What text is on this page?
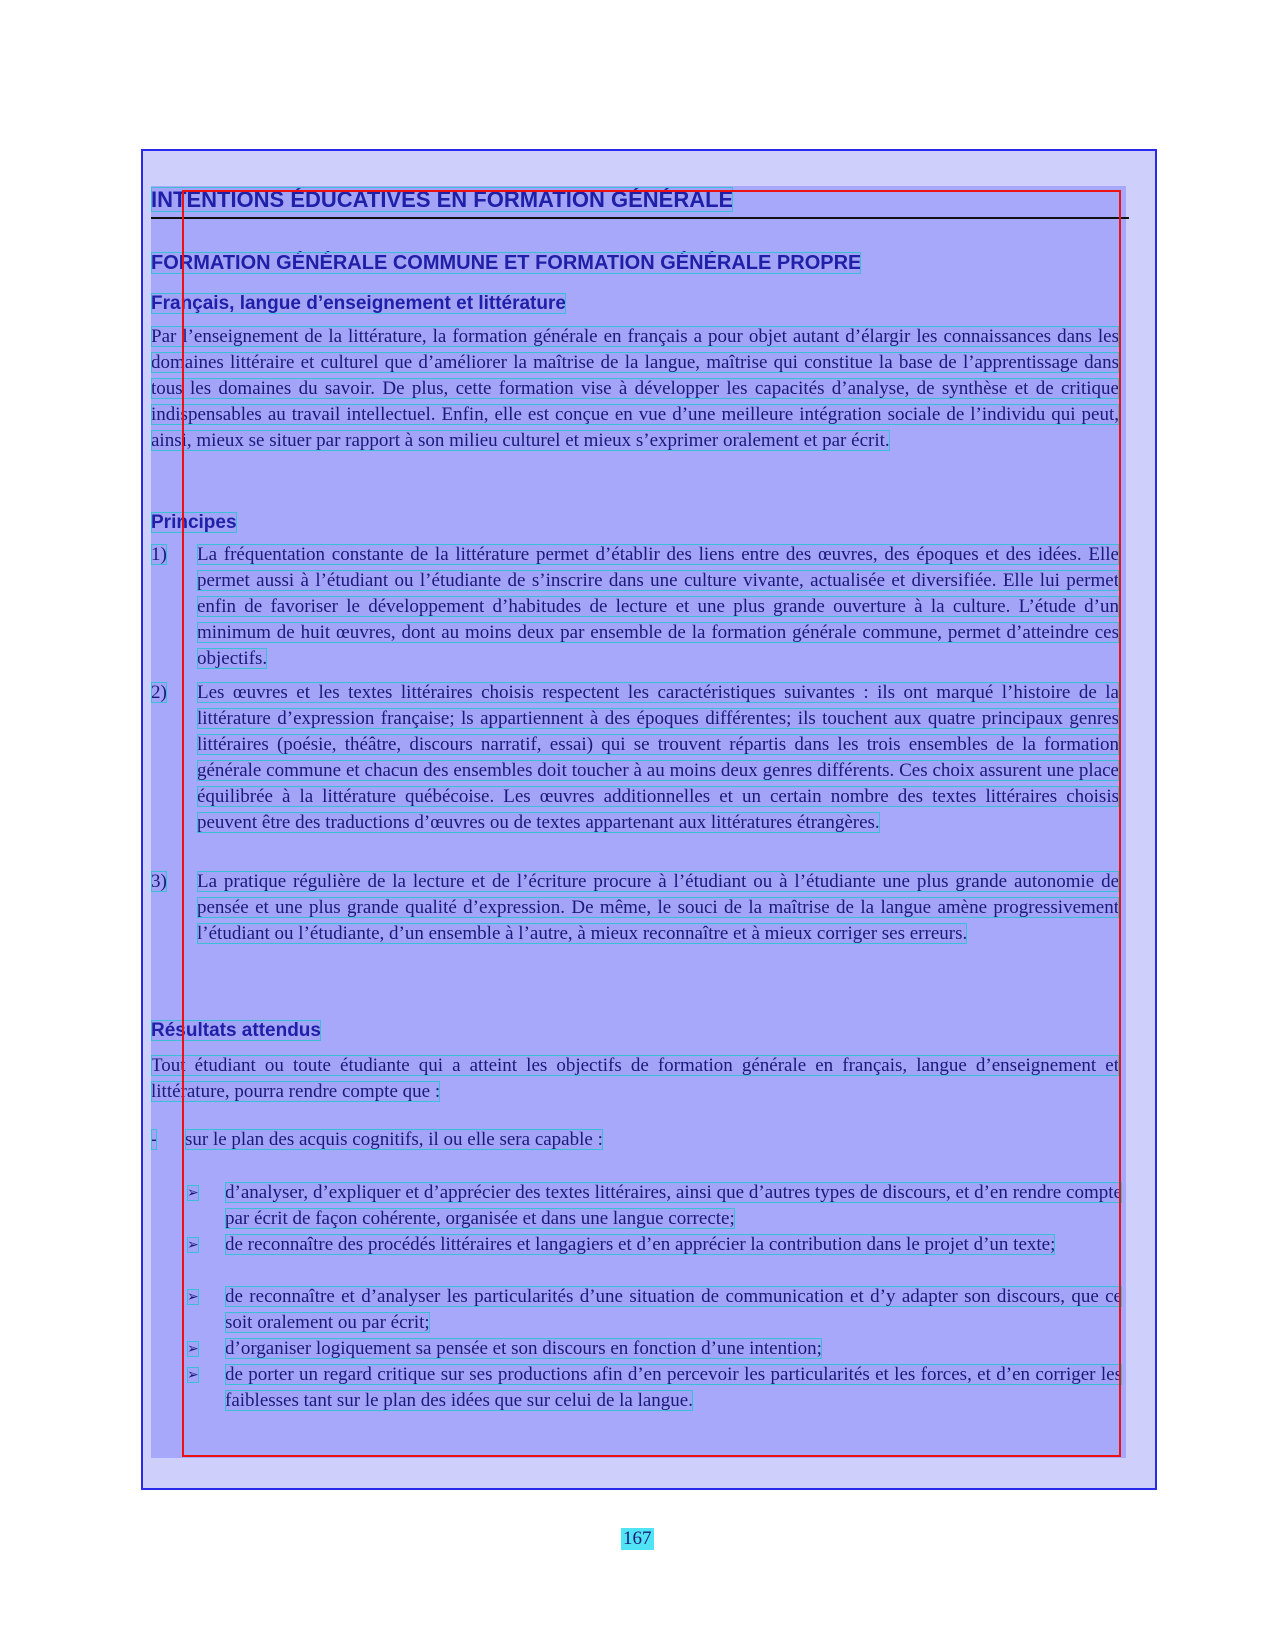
INTENTIONS ÉDUCATIVES EN FORMATION GÉNÉRALE
FORMATION GÉNÉRALE COMMUNE ET FORMATION GÉNÉRALE PROPRE
Français, langue d’enseignement et littérature

Par l’enseignement de la littérature, la formation générale en français a pour objet autant d’élargir les connaissances dans les domaines littéraire et culturel que d’améliorer la maîtrise de la langue, maîtrise qui constitue la base de l’apprentissage dans tous les domaines du savoir. De plus, cette formation vise à développer les capacités d’analyse, de synthèse et de critique indispensables au travail intellectuel. Enfin, elle est conçue en vue d’une meilleure intégration sociale de l’individu qui peut, ainsi, mieux se situer par rapport à son milieu culturel et mieux s’exprimer oralement et par écrit.

Principes
1) La fréquentation constante de la littérature permet d’établir des liens entre des œuvres, des époques et des idées. Elle permet aussi à l’étudiant ou l’étudiante de s’inscrire dans une culture vivante, actualisée et diversifiée. Elle lui permet enfin de favoriser le développement d’habitudes de lecture et une plus grande ouverture à la culture. L’étude d’un minimum de huit œuvres, dont au moins deux par ensemble de la formation générale commune, permet d’atteindre ces objectifs.

2) Les œuvres et les textes littéraires choisis respectent les caractéristiques suivantes : ils ont marqué l’histoire de la littérature d’expression française; ls appartiennent à des époques différentes; ils touchent aux quatre principaux genres littéraires (poésie, théâtre, discours narratif, essai) qui se trouvent répartis dans les trois ensembles de la formation générale commune et chacun des ensembles doit toucher à au moins deux genres différents. Ces choix assurent une place équilibrée à la littérature québécoise. Les œuvres additionnelles et un certain nombre des textes littéraires choisis peuvent être des traductions d’œuvres ou de textes appartenant aux littératures étrangères.

3) La pratique régulière de la lecture et de l’écriture procure à l’étudiant ou à l’étudiante une plus grande autonomie de pensée et une plus grande qualité d’expression. De même, le souci de la maîtrise de la langue amène progressivement l’étudiant ou l’étudiante, d’un ensemble à l’autre, à mieux reconnaître et à mieux corriger ses erreurs.

Résultats attendus

Tout étudiant ou toute étudiante qui a atteint les objectifs de formation générale en français, langue d’enseignement et littérature, pourra rendre compte que :

-	sur le plan des acquis cognitifs, il ou elle sera capable :

➢ d’analyser, d’expliquer et d’apprécier des textes littéraires, ainsi que d’autres types de discours, et d’en rendre compte par écrit de façon cohérente, organisée et dans une langue correcte;

➢ de reconnaître des procédés littéraires et langagiers et d’en apprécier la contribution dans le projet d’un texte;

➢ de reconnaître et d’analyser les particularités d’une situation de communication et d’y adapter son discours, que ce soit oralement ou par écrit;

➢ d’organiser logiquement sa pensée et son discours en fonction d’une intention;

➢ de porter un regard critique sur ses productions afin d’en percevoir les particularités et les forces, et d’en corriger les faiblesses tant sur le plan des idées que sur celui de la langue.

167
